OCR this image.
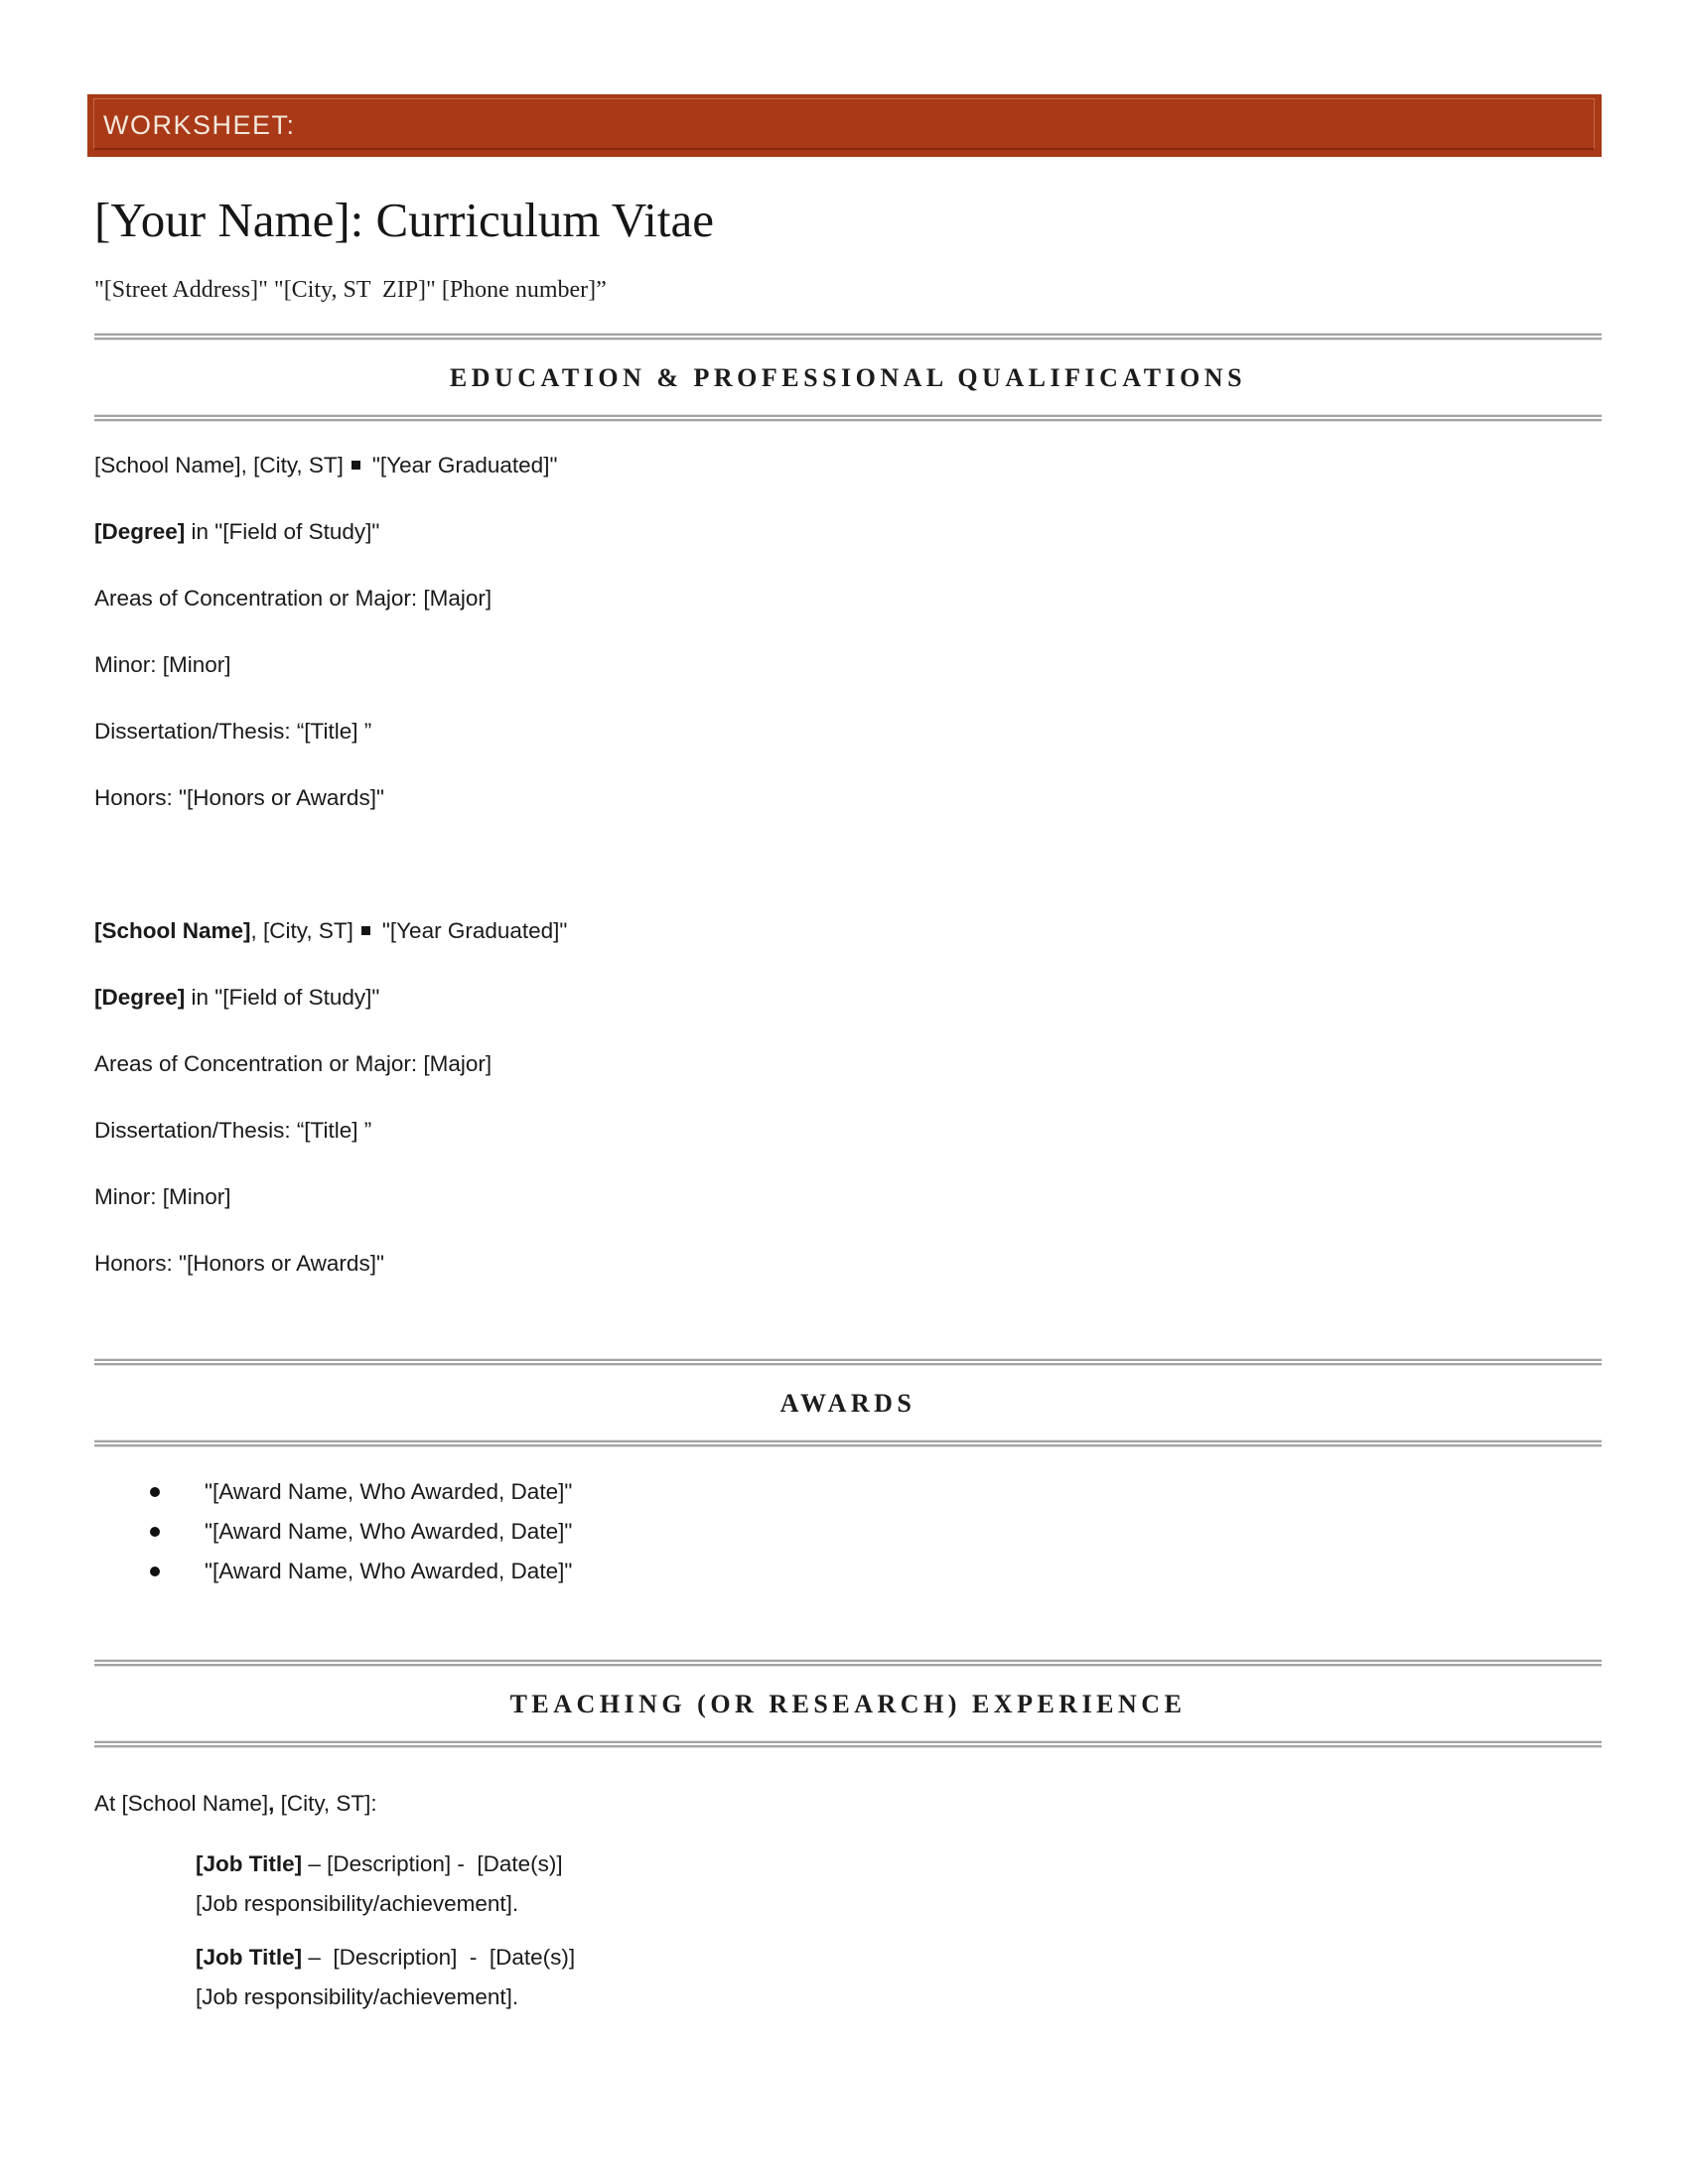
WORKSHEET:
[Your Name]: Curriculum Vitae

"[Street Address]" "[City, ST  ZIP]" [Phone number]”

EDUCATION & PROFESSIONAL QUALIFICATIONS

[School Name], [City, ST] "[Year Graduated]"

[Degree] in "[Field of Study]"

Areas of Concentration or Major: [Major]

Minor: [Minor]

Dissertation/Thesis: “[Title] ”

Honors: "[Honors or Awards]"

[School Name], [City, ST] "[Year Graduated]"

[Degree] in "[Field of Study]"

Areas of Concentration or Major: [Major]

Dissertation/Thesis: “[Title] ”

Minor: [Minor]

Honors: "[Honors or Awards]"

AWARDS
"[Award Name, Who Awarded, Date]"
"[Award Name, Who Awarded, Date]"
"[Award Name, Who Awarded, Date]"
TEACHING (OR RESEARCH) EXPERIENCE

At [School Name], [City, ST]:

[Job Title] – [Description] -  [Date(s)]

[Job responsibility/achievement].

[Job Title] –  [Description]  -  [Date(s)]

[Job responsibility/achievement].
